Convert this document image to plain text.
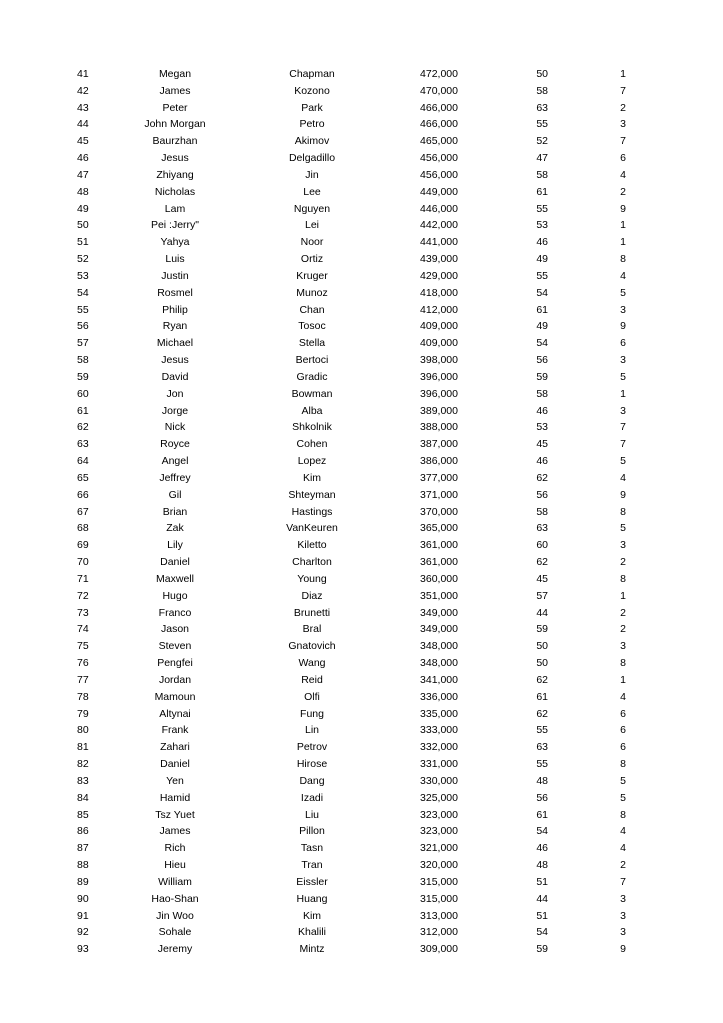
41	Megan	Chapman	472,000	50	1
42	James	Kozono	470,000	58	7
43	Peter	Park	466,000	63	2
44	John Morgan	Petro	466,000	55	3
45	Baurzhan	Akimov	465,000	52	7
46	Jesus	Delgadillo	456,000	47	6
47	Zhiyang	Jin	456,000	58	4
48	Nicholas	Lee	449,000	61	2
49	Lam	Nguyen	446,000	55	9
50	Pei :Jerry"	Lei	442,000	53	1
51	Yahya	Noor	441,000	46	1
52	Luis	Ortiz	439,000	49	8
53	Justin	Kruger	429,000	55	4
54	Rosmel	Munoz	418,000	54	5
55	Philip	Chan	412,000	61	3
56	Ryan	Tosoc	409,000	49	9
57	Michael	Stella	409,000	54	6
58	Jesus	Bertoci	398,000	56	3
59	David	Gradic	396,000	59	5
60	Jon	Bowman	396,000	58	1
61	Jorge	Alba	389,000	46	3
62	Nick	Shkolnik	388,000	53	7
63	Royce	Cohen	387,000	45	7
64	Angel	Lopez	386,000	46	5
65	Jeffrey	Kim	377,000	62	4
66	Gil	Shteyman	371,000	56	9
67	Brian	Hastings	370,000	58	8
68	Zak	VanKeuren	365,000	63	5
69	Lily	Kiletto	361,000	60	3
70	Daniel	Charlton	361,000	62	2
71	Maxwell	Young	360,000	45	8
72	Hugo	Diaz	351,000	57	1
73	Franco	Brunetti	349,000	44	2
74	Jason	Bral	349,000	59	2
75	Steven	Gnatovich	348,000	50	3
76	Pengfei	Wang	348,000	50	8
77	Jordan	Reid	341,000	62	1
78	Mamoun	Olfi	336,000	61	4
79	Altynai	Fung	335,000	62	6
80	Frank	Lin	333,000	55	6
81	Zahari	Petrov	332,000	63	6
82	Daniel	Hirose	331,000	55	8
83	Yen	Dang	330,000	48	5
84	Hamid	Izadi	325,000	56	5
85	Tsz Yuet	Liu	323,000	61	8
86	James	Pillon	323,000	54	4
87	Rich	Tasn	321,000	46	4
88	Hieu	Tran	320,000	48	2
89	William	Eissler	315,000	51	7
90	Hao-Shan	Huang	315,000	44	3
91	Jin Woo	Kim	313,000	51	3
92	Sohale	Khalili	312,000	54	3
93	Jeremy	Mintz	309,000	59	9
